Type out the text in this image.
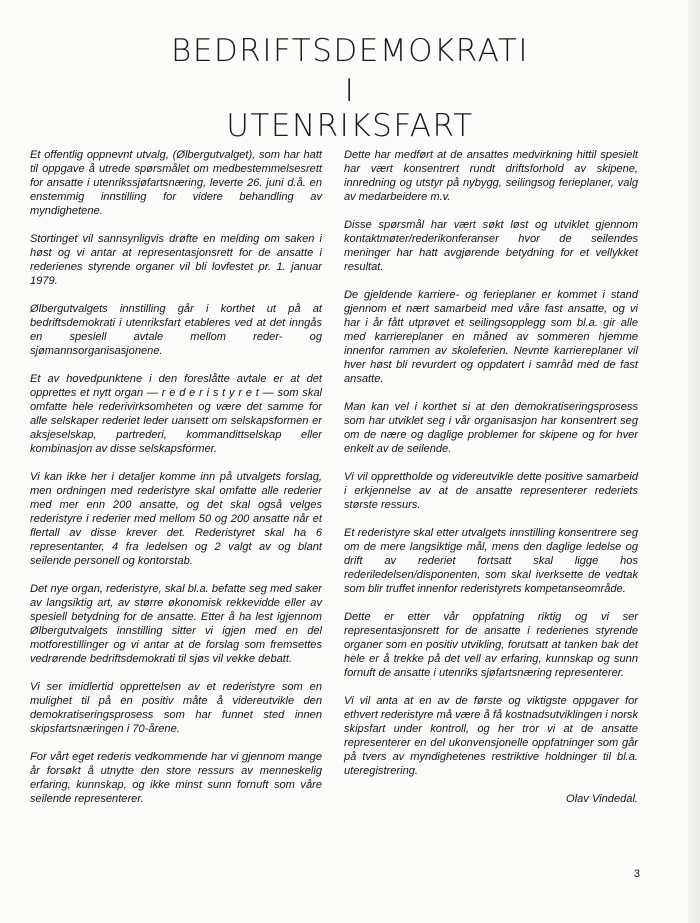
BEDRIFTSDEMOKRATI
I
UTENRIKSFART

Et offentlig oppnevnt utvalg, (Ølbergutvalget), som har hatt til oppgave å utrede spørsmålet om medbestemmelsesrett for ansatte i utenrikssjøfartsnæring, leverte 26. juni d.å. en enstemmig innstilling for videre behandling av myndighetene.

Stortinget vil sannsynligvis drøfte en melding om saken i høst og vi antar at representasjonsrett for de ansatte i rederienes styrende organer vil bli lovfestet pr. 1. januar 1979.

Ølbergutvalgets innstilling går i korthet ut på at bedriftsdemokrati i utenriksfart etableres ved at det inngås en spesiell avtale mellom reder- og sjømannsorganisasjonene.

Et av hovedpunktene i den foreslåtte avtale er at det opprettes et nytt organ — r e d e r i s t y r e t — som skal omfatte hele rederivirksomheten og være det samme for alle selskaper rederiet leder uansett om selskapsformen er aksjeselskap, partrederi, kommandittselskap eller kombinasjon av disse selskapsformer.

Vi kan ikke her i detaljer komme inn på utvalgets forslag, men ordningen med rederistyre skal omfatte alle rederier med mer enn 200 ansatte, og det skal også velges rederistyre i rederier med mellom 50 og 200 ansatte når et flertall av disse krever det. Rederistyret skal ha 6 representanter, 4 fra ledelsen og 2 valgt av og blant seilende personell og kontorstab.

Det nye organ, rederistyre, skal bl.a. befatte seg med saker av langsiktig art, av større økonomisk rekkevidde eller av spesiell betydning for de ansatte. Etter å ha lest igjennom Ølbergutvalgets innstilling sitter vi igjen med en del motforestillinger og vi antar at de forslag som fremsettes vedrørende bedriftsdemokrati til sjøs vil vekke debatt.

Vi ser imidlertid opprettelsen av et rederistyre som en mulighet til på en positiv måte å videreutvikle den demokratiseringsprosess som har funnet sted innen skipsfartsnæringen i 70-årene.

For vårt eget rederis vedkommende har vi gjennom mange år forsøkt å utnytte den store ressurs av menneskelig erfaring, kunnskap, og ikke minst sunn fornuft som våre seilende representerer.

Dette har medført at de ansattes medvirkning hittil spesielt har vært konsentrert rundt driftsforhold av skipene, innredning og utstyr på nybygg, seilingsog ferieplaner, valg av medarbeidere m.v.

Disse spørsmål har vært søkt løst og utviklet gjennom kontaktmøter/rederikonferanser hvor de seilendes meninger har hatt avgjørende betydning for et vellykket resultat.

De gjeldende karriere- og ferieplaner er kommet i stand gjennom et nært samarbeid med våre fast ansatte, og vi har i år fått utprøvet et seilingsopplegg som bl.a. gir alle med karriereplaner en måned av sommeren hjemme innenfor rammen av skoleferien. Nevnte karriereplaner vil hver høst bli revurdert og oppdatert i samråd med de fast ansatte.

Man kan vel i korthet si at den demokratiseringsprosess som har utviklet seg i vår organisasjon har konsentrert seg om de nære og daglige problemer for skipene og for hver enkelt av de seilende.

Vi vil opprettholde og videreutvikle dette positive samarbeid i erkjennelse av at de ansatte representerer rederiets største ressurs.

Et rederistyre skal etter utvalgets innstilling konsentrere seg om de mere langsiktige mål, mens den daglige ledelse og drift av rederiet fortsatt skal ligge hos rederiledelsen/disponenten, som skal iverksette de vedtak som blir truffet innenfor rederistyrets kompetanseområde.

Dette er etter vår oppfatning riktig og vi ser representasjonsrett for de ansatte i rederienes styrende organer som en positiv utvikling, forutsatt at tanken bak det hele er å trekke på det vell av erfaring, kunnskap og sunn fornuft de ansatte i utenriks sjøfartsnæring representerer.

Vi vil anta at en av de første og viktigste oppgaver for ethvert rederistyre må være å få kostnadsutviklingen i norsk skipsfart under kontroll, og her tror vi at de ansatte representerer en del ukonvensjonelle oppfatninger som går på tvers av myndighetenes restriktive holdninger til bl.a. uteregistrering.

Olav Vindedal.

3
